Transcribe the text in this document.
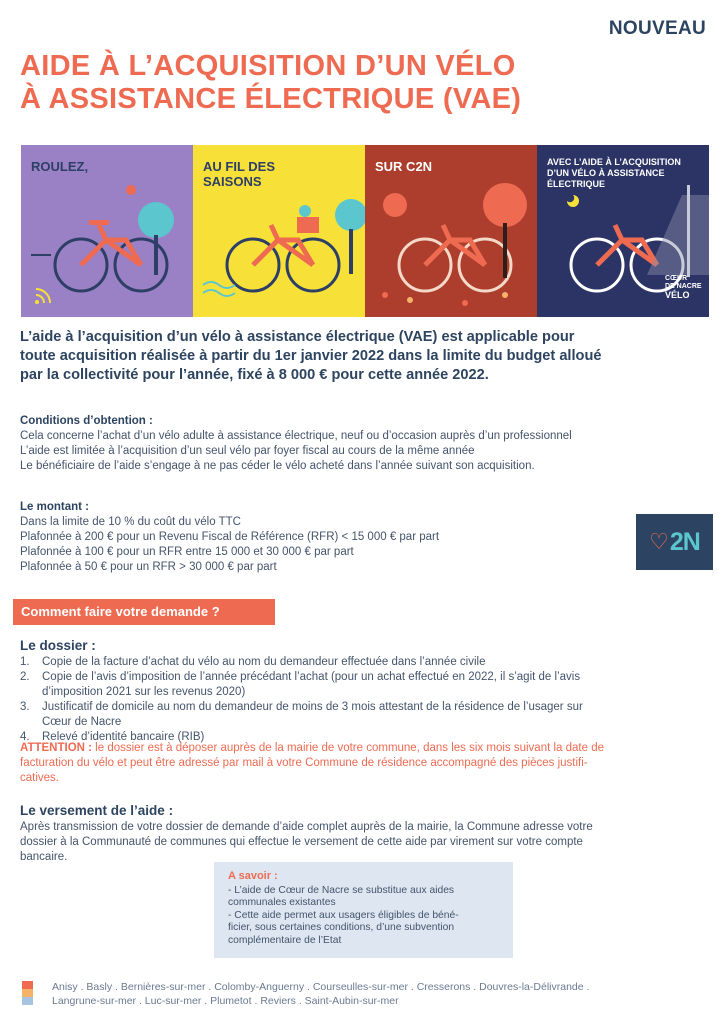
NOUVEAU
AIDE À L’ACQUISITION D’UN VÉLO
À ASSISTANCE ÉLECTRIQUE (VAE)
ROULEZ,	AU FIL DES
SAISONS
SUR C2N	AVEC L’AIDE À L’ACQUISITION
D’UN VÉLO À ASSISTANCE
ÉLECTRIQUE
CŒUR
DE NACRE
VÉLO
L’aide à l’acquisition d’un vélo à assistance électrique (VAE) est applicable pour
toute acquisition réalisée à partir du 1er janvier 2022 dans la limite du budget alloué
par la collectivité pour l’année, fixé à 8 000 € pour cette année 2022.
Conditions d’obtention :
Cela concerne l’achat d’un vélo adulte à assistance électrique, neuf ou d’occasion auprès d’un professionnel
L’aide est limitée à l’acquisition d’un seul vélo par foyer fiscal au cours de la même année
Le bénéficiaire de l’aide s’engage à ne pas céder le vélo acheté dans l’année suivant son acquisition.
Le montant :
Dans la limite de 10 % du coût du vélo TTC
Plafonnée à 200 € pour un Revenu Fiscal de Référence (RFR) < 15 000 € par part
Plafonnée à 100 € pour un RFR entre 15 000 et 30 000 € par part
Plafonnée à 50 € pour un RFR > 30 000 € par part
♡ 2N
Comment faire votre demande ?
Le dossier :
1. Copie de la facture d’achat du vélo au nom du demandeur effectuée dans l’année civile
2. Copie de l’avis d’imposition de l’année précédant l’achat (pour un achat effectué en 2022, il s’agit de l’avis
d’imposition 2021 sur les revenus 2020)
3. Justificatif de domicile au nom du demandeur de moins de 3 mois attestant de la résidence de l’usager sur
Cœur de Nacre
4. Relevé d’identité bancaire (RIB)
ATTENTION : le dossier est à déposer auprès de la mairie de votre commune, dans les six mois suivant la date de
facturation du vélo et peut être adressé par mail à votre Commune de résidence accompagné des pièces justifi-
catives.
Le versement de l’aide :
Après transmission de votre dossier de demande d’aide complet auprès de la mairie, la Commune adresse votre
dossier à la Communauté de communes qui effectue le versement de cette aide par virement sur votre compte
bancaire.
A savoir :
- L’aide de Cœur de Nacre se substitue aux aides
communales existantes
- Cette aide permet aux usagers éligibles de béné-
ficier, sous certaines conditions, d’une subvention
complémentaire de l’Etat
Anisy . Basly . Bernières-sur-mer . Colomby-Anguerny . Courseulles-sur-mer . Cresserons . Douvres-la-Délivrande .
Langrune-sur-mer . Luc-sur-mer . Plumetot . Reviers . Saint-Aubin-sur-mer
